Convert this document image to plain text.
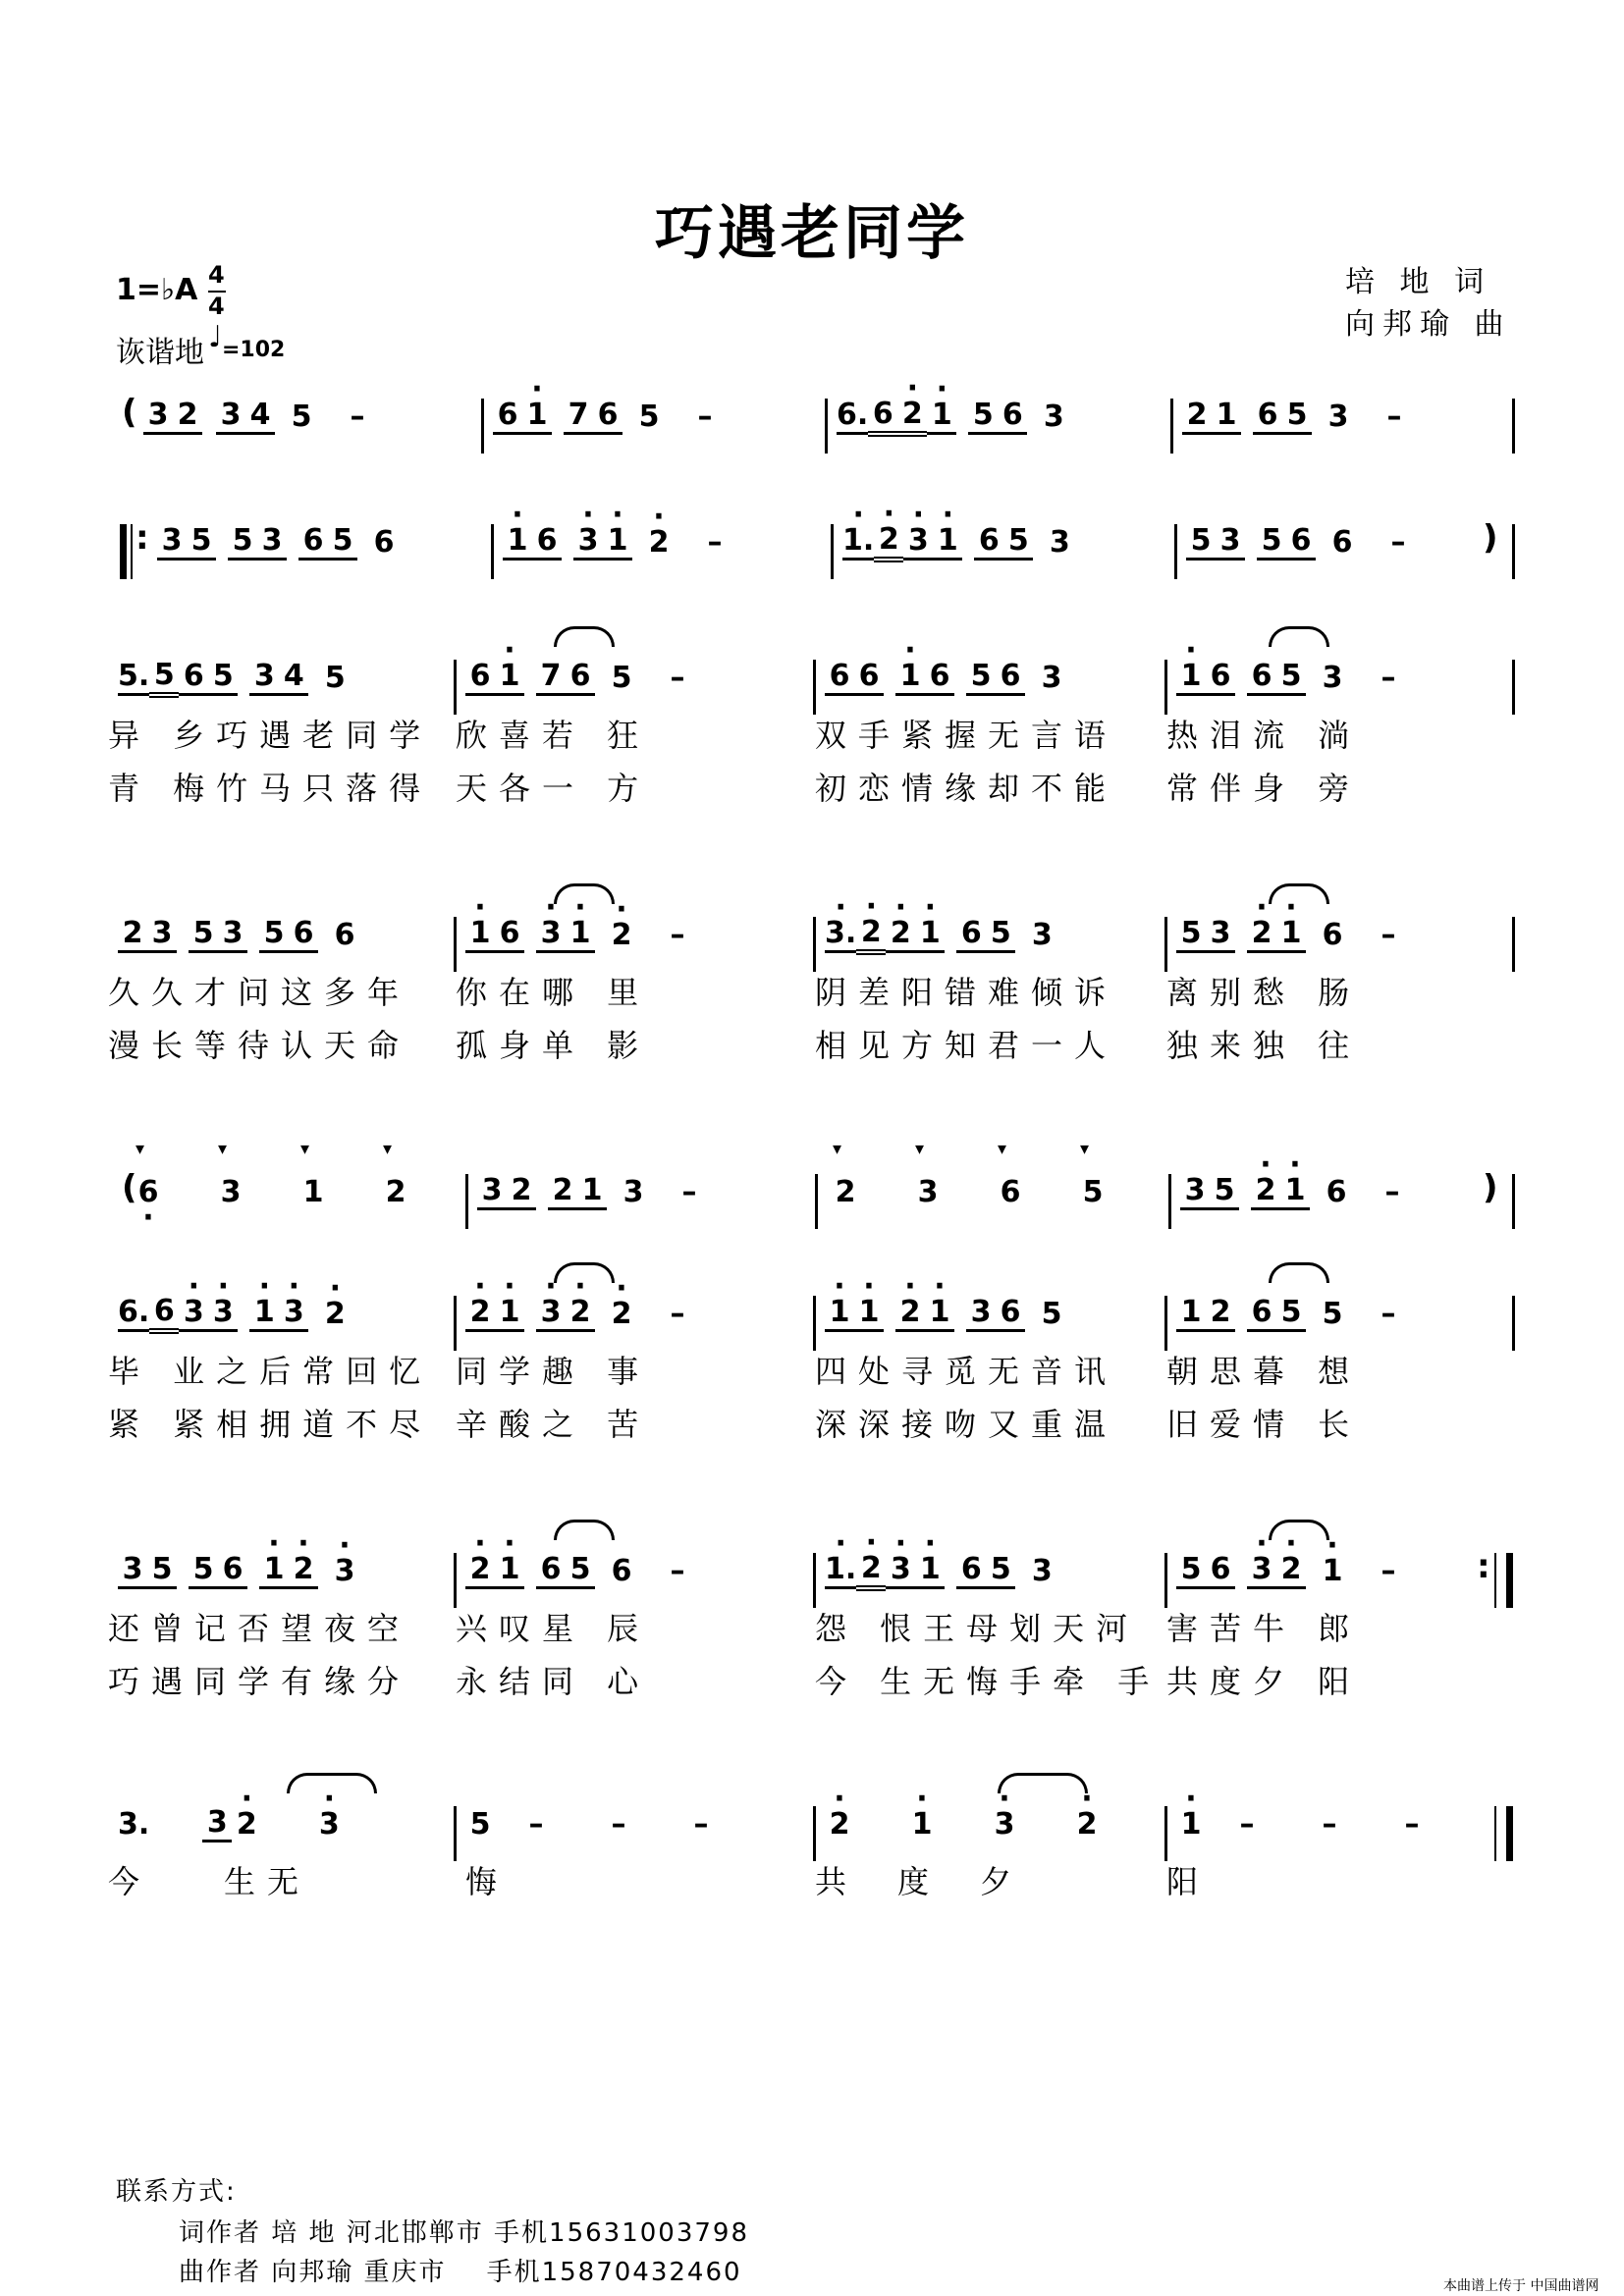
巧遇老同学
培 地 词
向邦瑜 曲
1=♭A 4
4
诙谐地 ♩ =102
( 3 2 3 4 5	–	6 · 1 7 6 5	–	6. 6 · 2 · 1 5 6 3	2 1 6 5 3	–
: 3 5 5 3 6 5 6	· 1 6 · 3 · 1 · 2	–	· 1. · 2 · 3 · 1 6 5 3	5 3 5 6 6	–	)
5. 5 6 5 3 4 5	6 · 1 7 6 5	–	6 6 · 1 6 5 6 3	· 1 6 6 5 3	–
异 乡巧遇老同学 欣喜若 狂	双手紧握无言语 热泪流 淌
青 梅竹马只落得 天各一 方	初恋情缘却不能 常伴身 旁
2 3 5 3 5 6 6	· 1 6 · 3 · 1 · 2	–	· 3. · 2 · 2 · 1 6 5 3	5 3 · 2 · 1 6	–
久久才问这多年 你在哪 里	阴差阳错难倾诉 离别愁 肠
漫长等待认天命 孤身单 影	相见方知君一人 独来独 往
(
▾	▾	▾	▾
6 · 3 1 2	3 2 2 1 3	–
▾	▾	▾	▾
2 3 6 5	3 5 · 2 · 1 6	–	)
6. 6 · 3 · 3 · 1 · 3 · 2	· 2 · 1 · 3 · 2 · 2	–	· 1 · 1 · 2 · 1 3 6 5	1 2 6 5 5	–
毕 业之后常回忆 同学趣 事	四处寻觅无音讯 朝思暮 想
紧 紧相拥道不尽 辛酸之 苦	深深接吻又重温 旧爱情 长
3 5 5 6 · 1 · 2 · 3	· 2 · 1 6 5 6	–	· 1. · 2 · 3 · 1 6 5 3	5 6 · 3 · 2 · 1	–	:
还曾记否望夜空 兴叹星 辰	怨 恨王母划天河 害苦牛 郎
巧遇同学有缘分 永结同 心	今 生无悔手牵 手 共度夕 阳
3. 3 · 2 · 3	5	–	–	–	· 2 · 1 · 3 · 2	· 1	–	–	–
今 生无	悔	共 度 夕	阳
联系方式:
词作者 培 地 河北邯郸市 手机15631003798
曲作者 向邦瑜 重庆市    手机15870432460	本曲谱上传于 中国曲谱网
